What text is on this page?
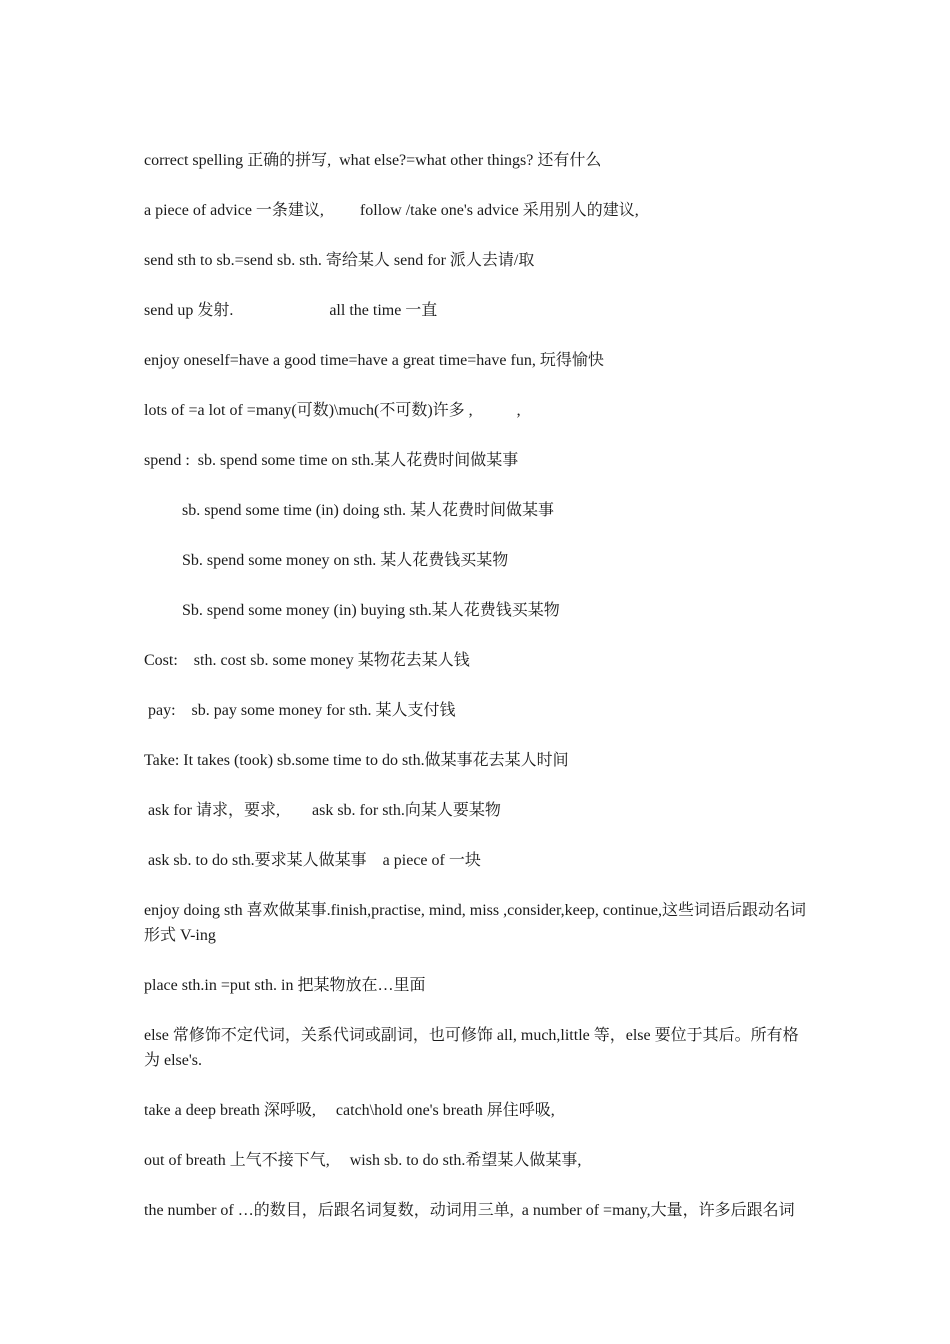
correct spelling 正确的拼写,  what else?=what other things? 还有什么

a piece of advice 一条建议,         follow /take one's advice 采用别人的建议,

send sth to sb.=send sb. sth. 寄给某人 send for 派人去请/取

send up 发射.                        all the time 一直

enjoy oneself=have a good time=have a great time=have fun, 玩得愉快

lots of =a lot of =many(可数)\much(不可数)许多 ,           ,

spend :  sb. spend some time on sth.某人花费时间做某事

sb. spend some time (in) doing sth. 某人花费时间做某事

Sb. spend some money on sth. 某人花费钱买某物

Sb. spend some money (in) buying sth.某人花费钱买某物

Cost:    sth. cost sb. some money 某物花去某人钱

pay:    sb. pay some money for sth. 某人支付钱

Take: It takes (took) sb.some time to do sth.做某事花去某人时间

ask for 请求，要求,        ask sb. for sth.向某人要某物

ask sb. to do sth.要求某人做某事    a piece of 一块

enjoy doing sth 喜欢做某事.finish,practise, mind, miss ,consider,keep, continue,这些词语后跟动名词形式 V-ing

place sth.in =put sth. in 把某物放在…里面

else 常修饰不定代词，关系代词或副词，也可修饰 all, much,little 等，else 要位于其后。所有格为 else's.

take a deep breath 深呼吸,     catch\hold one's breath 屏住呼吸,

out of breath 上气不接下气,     wish sb. to do sth.希望某人做某事,

the number of …的数目，后跟名词复数，动词用三单,  a number of =many,大量，许多后跟名词
